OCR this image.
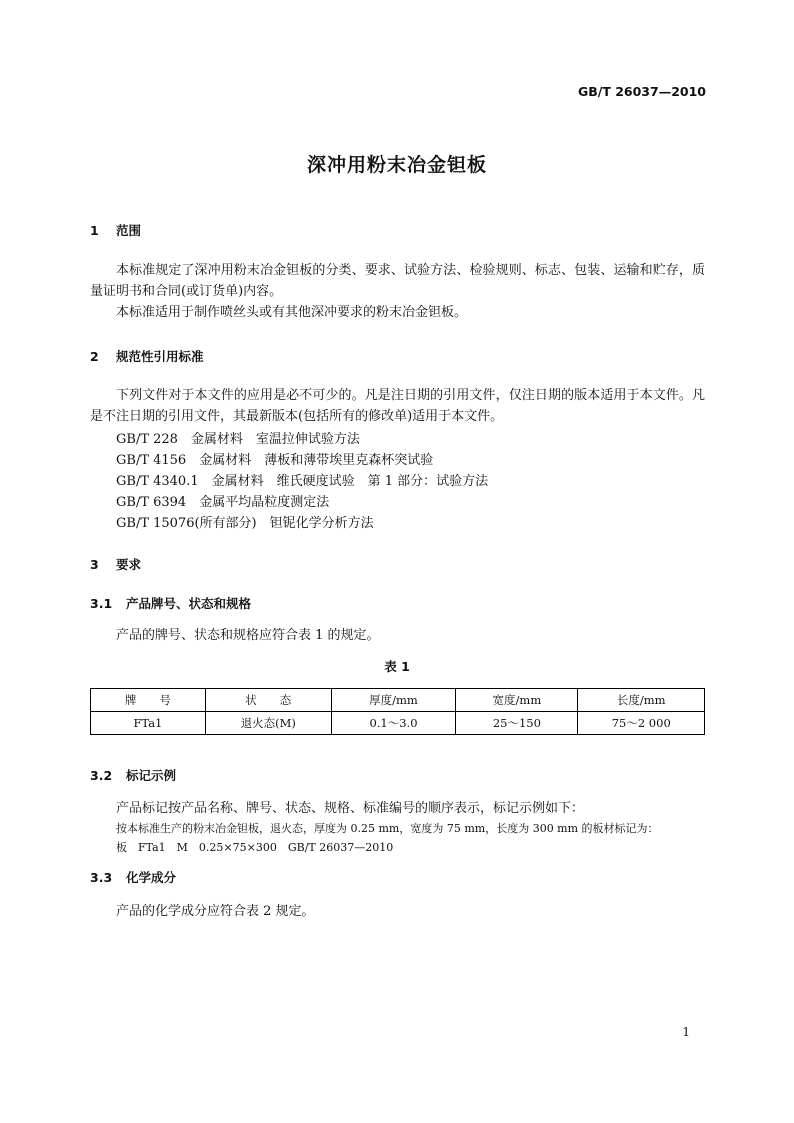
GB/T 26037—2010
深冲用粉末冶金钽板
1 范围
本标准规定了深冲用粉末冶金钽板的分类、要求、试验方法、检验规则、标志、包装、运输和贮存，质量证明书和合同(或订货单)内容。
本标准适用于制作喷丝头或有其他深冲要求的粉末冶金钽板。
2 规范性引用标准
下列文件对于本文件的应用是必不可少的。凡是注日期的引用文件，仅注日期的版本适用于本文件。凡是不注日期的引用文件，其最新版本(包括所有的修改单)适用于本文件。
GB/T 228　金属材料　室温拉伸试验方法
GB/T 4156　金属材料　薄板和薄带埃里克森杯突试验
GB/T 4340.1　金属材料　维氏硬度试验　第 1 部分：试验方法
GB/T 6394　金属平均晶粒度测定法
GB/T 15076(所有部分)　钽铌化学分析方法
3 要求
3.1 产品牌号、状态和规格
产品的牌号、状态和规格应符合表 1 的规定。
表 1
牌　　号	状　　态	厚度/mm	宽度/mm	长度/mm
FTa1	退火态(M)	0.1～3.0	25～150	75～2 000
3.2 标记示例
产品标记按产品名称、牌号、状态、规格、标准编号的顺序表示，标记示例如下：
按本标准生产的粉末冶金钽板，退火态，厚度为 0.25 mm，宽度为 75 mm，长度为 300 mm 的板材标记为：
板　FTa1　M　0.25×75×300　GB/T 26037—2010
3.3 化学成分
产品的化学成分应符合表 2 规定。
1
